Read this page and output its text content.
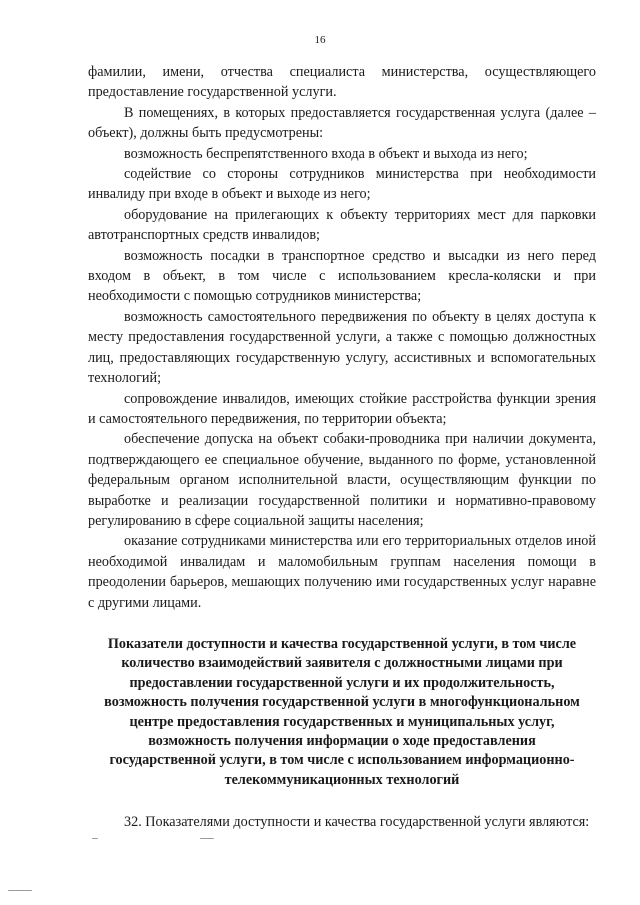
16

фамилии, имени, отчества специалиста министерства, осуществляющего предоставление государственной услуги.

В помещениях, в которых предоставляется государственная услуга (далее – объект), должны быть предусмотрены:

возможность беспрепятственного входа в объект и выхода из него;

содействие со стороны сотрудников министерства при необходимости инвалиду при входе в объект и выходе из него;

оборудование на прилегающих к объекту территориях мест для парковки автотранспортных средств инвалидов;

возможность посадки в транспортное средство и высадки из него перед входом в объект, в том числе с использованием кресла-коляски и при необходимости с помощью сотрудников министерства;

возможность самостоятельного передвижения по объекту в целях доступа к месту предоставления государственной услуги, а также с помощью должностных лиц, предоставляющих государственную услугу, ассистивных и вспомогательных технологий;

сопровождение инвалидов, имеющих стойкие расстройства функции зрения и самостоятельного передвижения, по территории объекта;

обеспечение допуска на объект собаки-проводника при наличии документа, подтверждающего ее специальное обучение, выданного по форме, установленной федеральным органом исполнительной власти, осуществляющим функции по выработке и реализации государственной политики и нормативно-правовому регулированию в сфере социальной защиты населения;

оказание сотрудниками министерства или его территориальных отделов иной необходимой инвалидам и маломобильным группам населения помощи в преодолении барьеров, мешающих получению ими государственных услуг наравне с другими лицами.

Показатели доступности и качества государственной услуги, в том числе количество взаимодействий заявителя с должностными лицами при предоставлении государственной услуги и их продолжительность, возможность получения государственной услуги в многофункциональном центре предоставления государственных и муниципальных услуг, возможность получения информации о ходе предоставления государственной услуги, в том числе с использованием информационно-телекоммуникационных технологий

32. Показателями доступности и качества государственной услуги являются:
